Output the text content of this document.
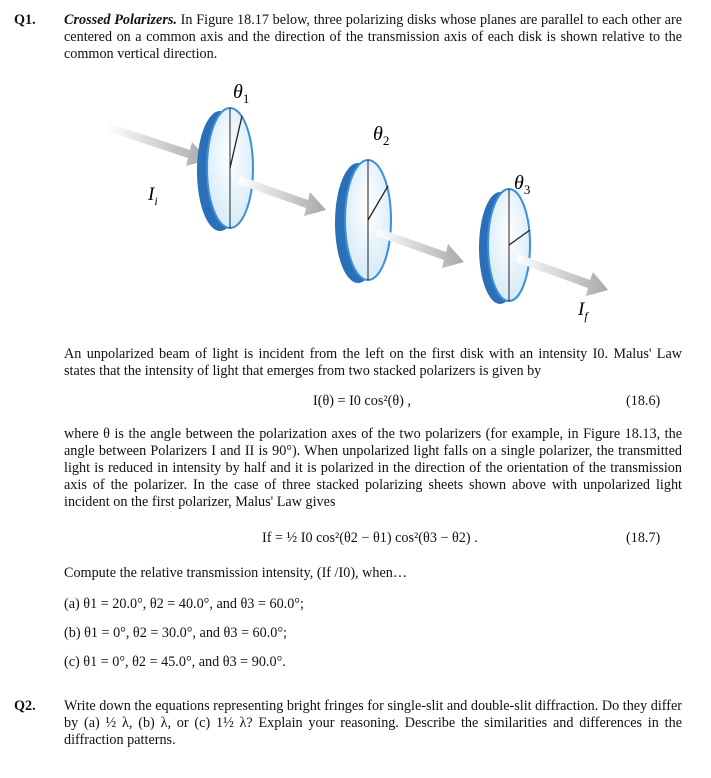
Q1. Crossed Polarizers. In Figure 18.17 below, three polarizing disks whose planes are parallel to each other are centered on a common axis and the direction of the transmission axis of each disk is shown relative to the common vertical direction.
$\theta_1$
$\theta_2$
$\theta_3$
$I_i$
$I_f$
An unpolarized beam of light is incident from the left on the first disk with an intensity I0. Malus' Law states that the intensity of light that emerges from two stacked polarizers is given by
I(θ) = I0 cos²(θ) ,	(18.6)
where θ is the angle between the polarization axes of the two polarizers (for example, in Figure 18.13, the angle between Polarizers I and II is 90°). When unpolarized light falls on a single polarizer, the transmitted light is reduced in intensity by half and it is polarized in the direction of the orientation of the transmission axis of the polarizer. In the case of three stacked polarizing sheets shown above with unpolarized light incident on the first polarizer, Malus' Law gives
If = ½ I0 cos²(θ2 − θ1) cos²(θ3 − θ2) .	(18.7)
Compute the relative transmission intensity, (If /I0), when…
(a) θ1 = 20.0°, θ2 = 40.0°, and θ3 = 60.0°;
(b) θ1 = 0°, θ2 = 30.0°, and θ3 = 60.0°;
(c) θ1 = 0°, θ2 = 45.0°, and θ3 = 90.0°.
Q2. Write down the equations representing bright fringes for single-slit and double-slit diffraction. Do they differ by (a) ½ λ, (b) λ, or (c) 1½ λ? Explain your reasoning. Describe the similarities and differences in the diffraction patterns.
